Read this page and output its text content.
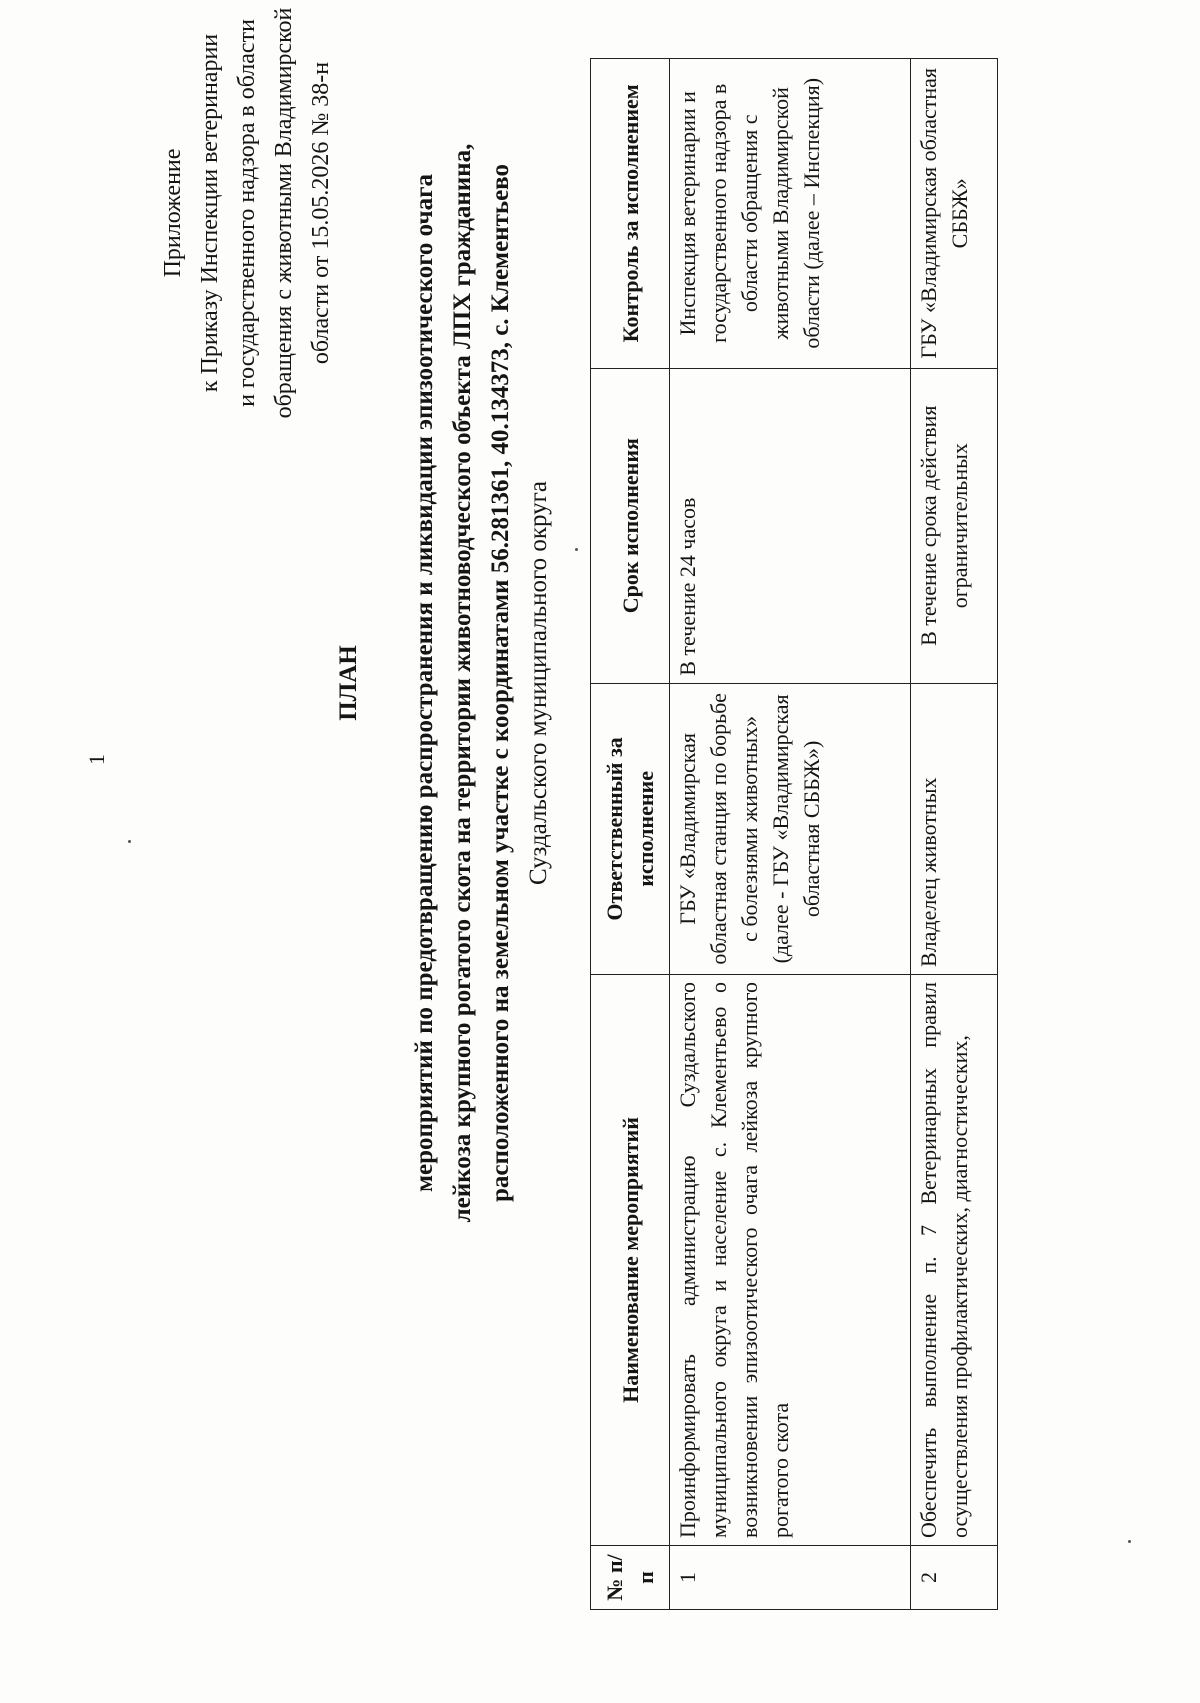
1
Приложение к Приказу Инспекции ветеринарии и государственного надзора в области обращения с животными Владимирской области от 15.05.2026 № 38-н
ПЛАН мероприятий по предотвращению распространения и ликвидации эпизоотического очага лейкоза крупного рогатого скота на территории животноводческого объекта ЛПХ гражданина, расположенного на земельном участке с координатами 56.281361, 40.134373, с. Клементьево Суздальского муниципального округа
№ п/п	Наименование мероприятий	Ответственный за исполнение	Срок исполнения	Контроль за исполнением
1	Проинформировать администрацию Суздальского муниципального округа и население с. Клементьево о возникновении эпизоотического очага лейкоза крупного рогатого скота	ГБУ «Владимирская областная станция по борьбе с болезнями животных» (далее - ГБУ «Владимирская областная СББЖ»)	В течение 24 часов	Инспекция ветеринарии и государственного надзора в области обращения с животными Владимирской области (далее – Инспекция)
2	Обеспечить выполнение п. 7 Ветеринарных правил осуществления профилактических, диагностических,	Владелец животных	В течение срока действия ограничительных	ГБУ «Владимирская областная СББЖ»
